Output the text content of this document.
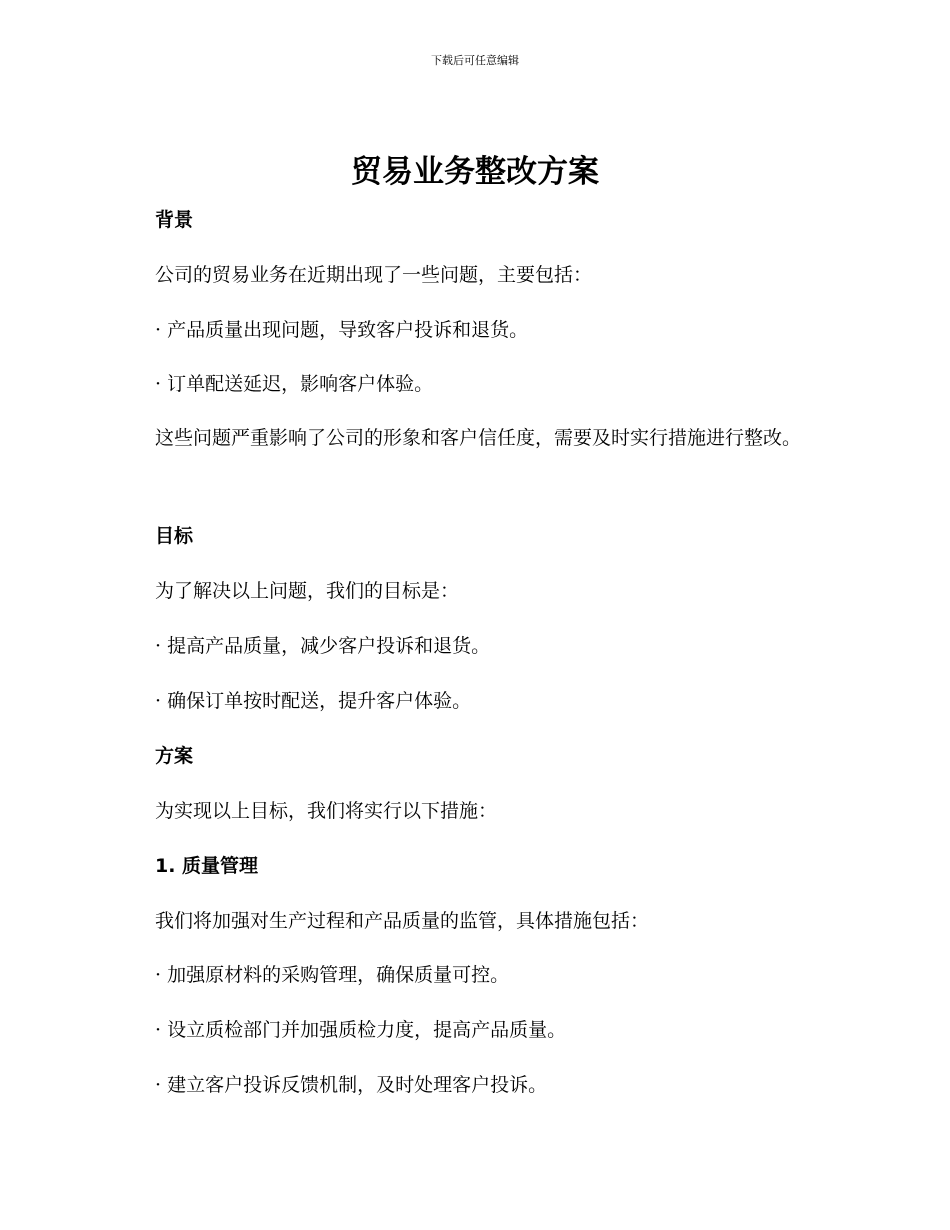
下载后可任意编辑
贸易业务整改方案
背景
公司的贸易业务在近期出现了一些问题，主要包括：
· 产品质量出现问题，导致客户投诉和退货。
· 订单配送延迟，影响客户体验。

这些问题严重影响了公司的形象和客户信任度，需要及时实行措施进行整改。

目标
为了解决以上问题，我们的目标是：
· 提高产品质量，减少客户投诉和退货。
· 确保订单按时配送，提升客户体验。
方案
为实现以上目标，我们将实行以下措施：
1. 质量管理
我们将加强对生产过程和产品质量的监管，具体措施包括：
· 加强原材料的采购管理，确保质量可控。
· 设立质检部门并加强质检力度，提高产品质量。
· 建立客户投诉反馈机制，及时处理客户投诉。
